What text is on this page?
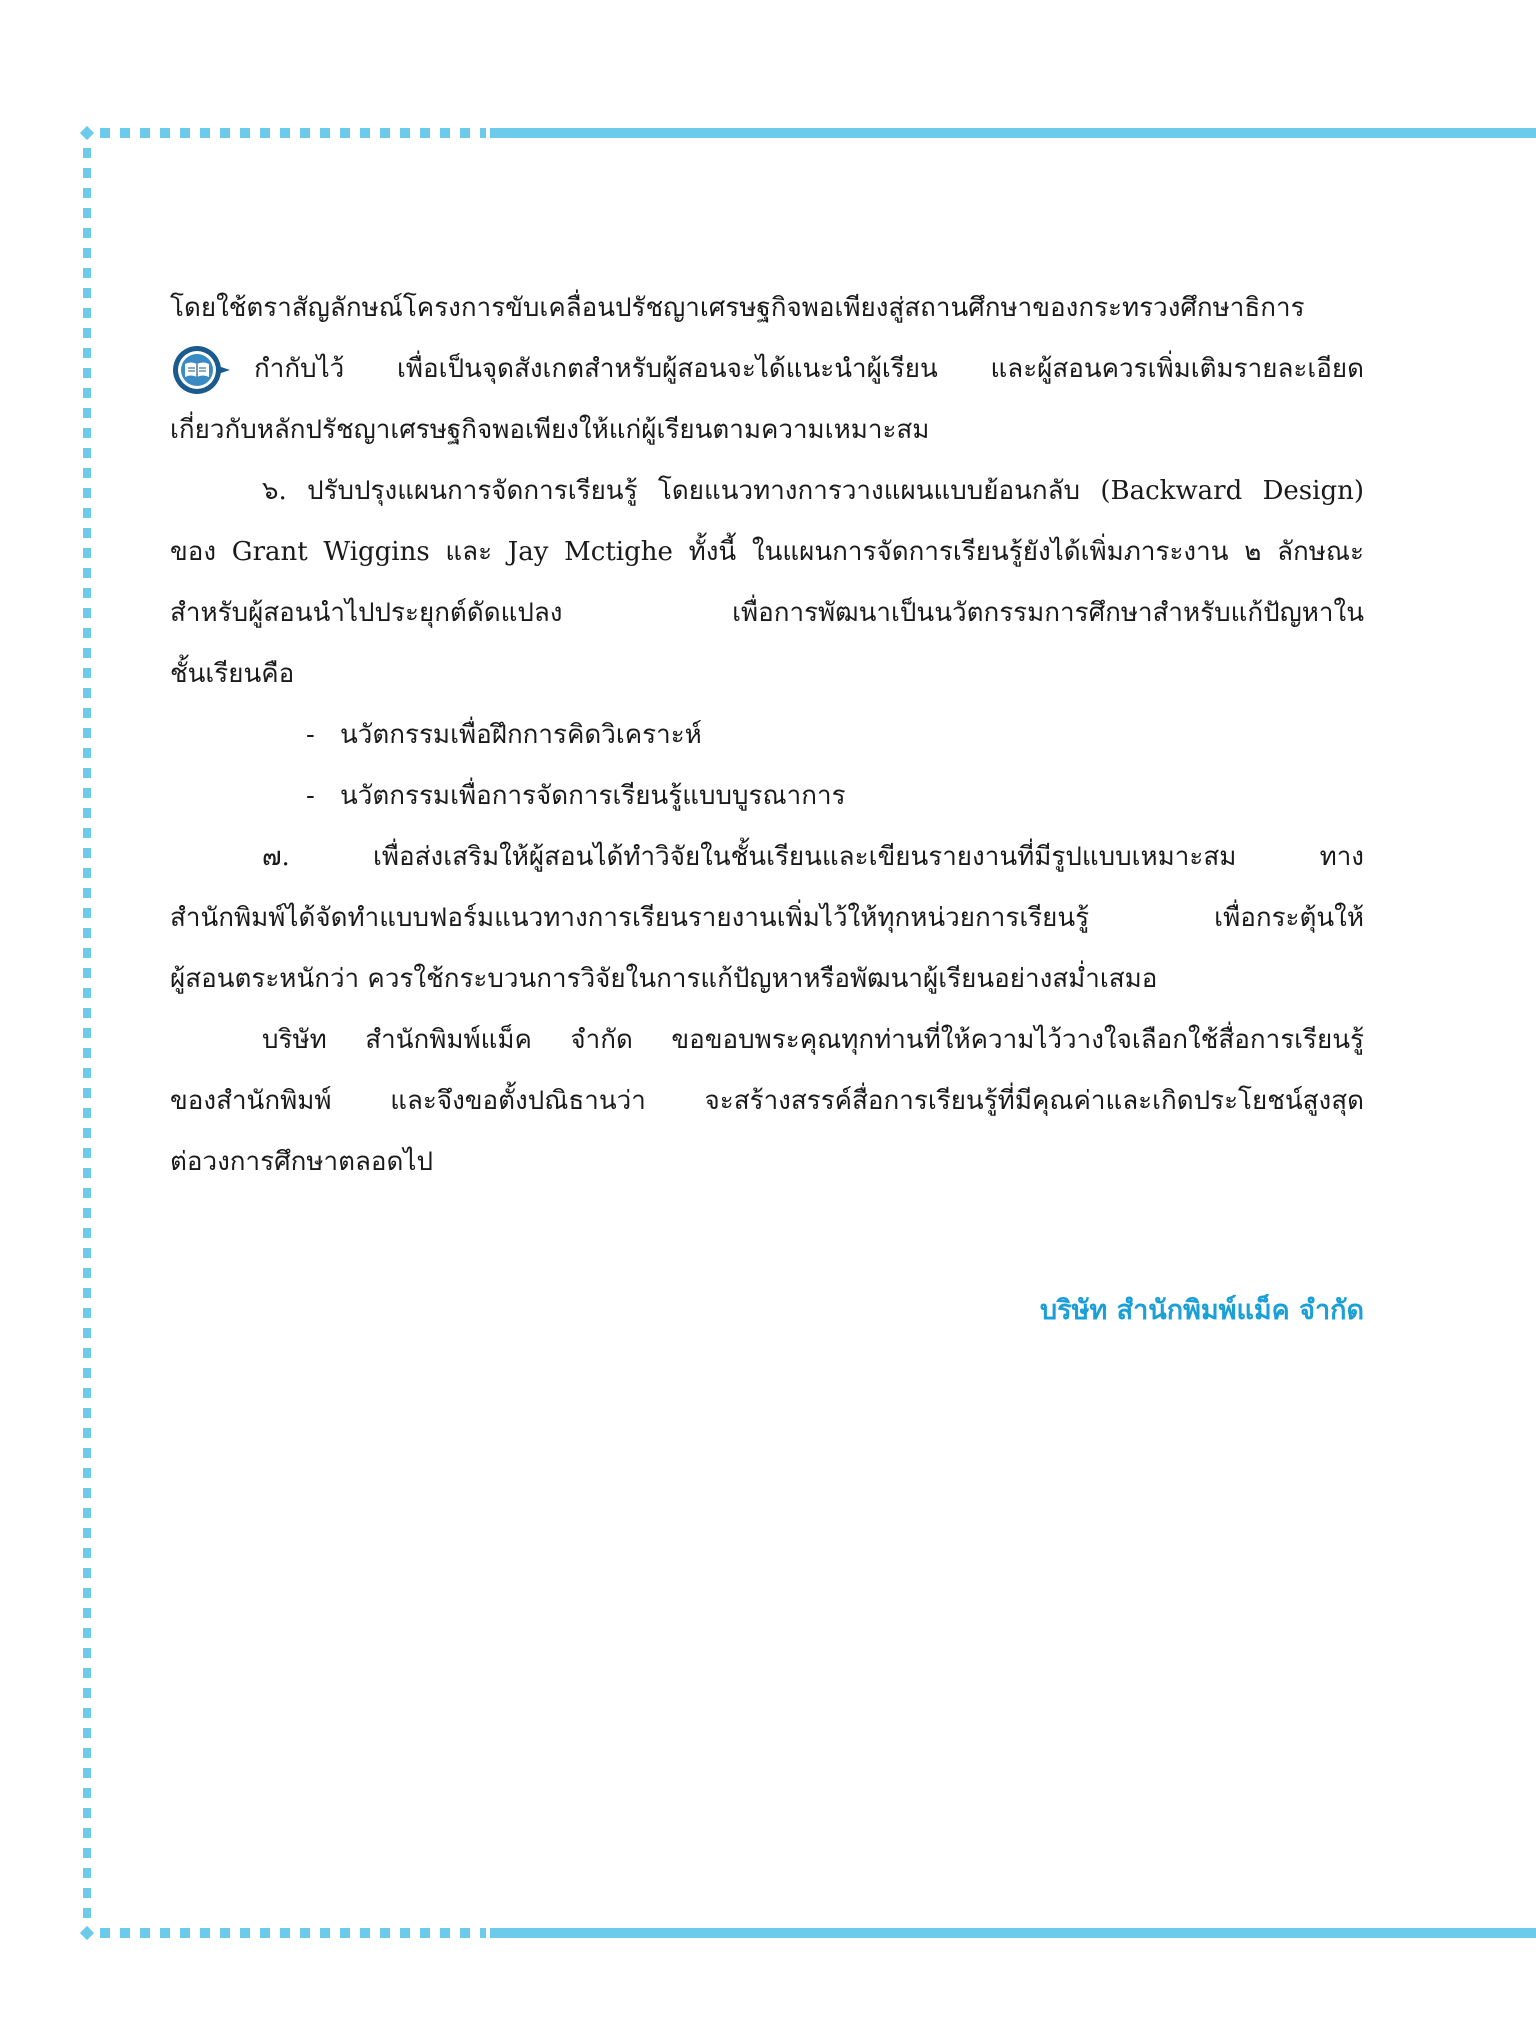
โดยใช้ตราสัญลักษณ์โครงการขับเคลื่อนปรัชญาเศรษฐกิจพอเพียงสู่สถานศึกษาของกระทรวงศึกษาธิการ
กำกับไว้ เพื่อเป็นจุดสังเกตสำหรับผู้สอนจะได้แนะนำผู้เรียน และผู้สอนควรเพิ่มเติมรายละเอียด
เกี่ยวกับหลักปรัชญาเศรษฐกิจพอเพียงให้แก่ผู้เรียนตามความเหมาะสม
๖. ปรับปรุงแผนการจัดการเรียนรู้ โดยแนวทางการวางแผนแบบย้อนกลับ (Backward Design)
ของ Grant Wiggins และ Jay Mctighe ทั้งนี้ ในแผนการจัดการเรียนรู้ยังได้เพิ่มภาระงาน ๒ ลักษณะ
สำหรับผู้สอนนำไปประยุกต์ดัดแปลง เพื่อการพัฒนาเป็นนวัตกรรมการศึกษาสำหรับแก้ปัญหาใน
ชั้นเรียนคือ
- นวัตกรรมเพื่อฝึกการคิดวิเคราะห์
- นวัตกรรมเพื่อการจัดการเรียนรู้แบบบูรณาการ
๗. เพื่อส่งเสริมให้ผู้สอนได้ทำวิจัยในชั้นเรียนและเขียนรายงานที่มีรูปแบบเหมาะสม ทาง
สำนักพิมพ์ได้จัดทำแบบฟอร์มแนวทางการเรียนรายงานเพิ่มไว้ให้ทุกหน่วยการเรียนรู้ เพื่อกระตุ้นให้
ผู้สอนตระหนักว่า ควรใช้กระบวนการวิจัยในการแก้ปัญหาหรือพัฒนาผู้เรียนอย่างสม่ำเสมอ
บริษัท สำนักพิมพ์แม็ค จำกัด ขอขอบพระคุณทุกท่านที่ให้ความไว้วางใจเลือกใช้สื่อการเรียนรู้
ของสำนักพิมพ์ และจึงขอตั้งปณิธานว่า จะสร้างสรรค์สื่อการเรียนรู้ที่มีคุณค่าและเกิดประโยชน์สูงสุด
ต่อวงการศึกษาตลอดไป
บริษัท สำนักพิมพ์แม็ค จำกัด
